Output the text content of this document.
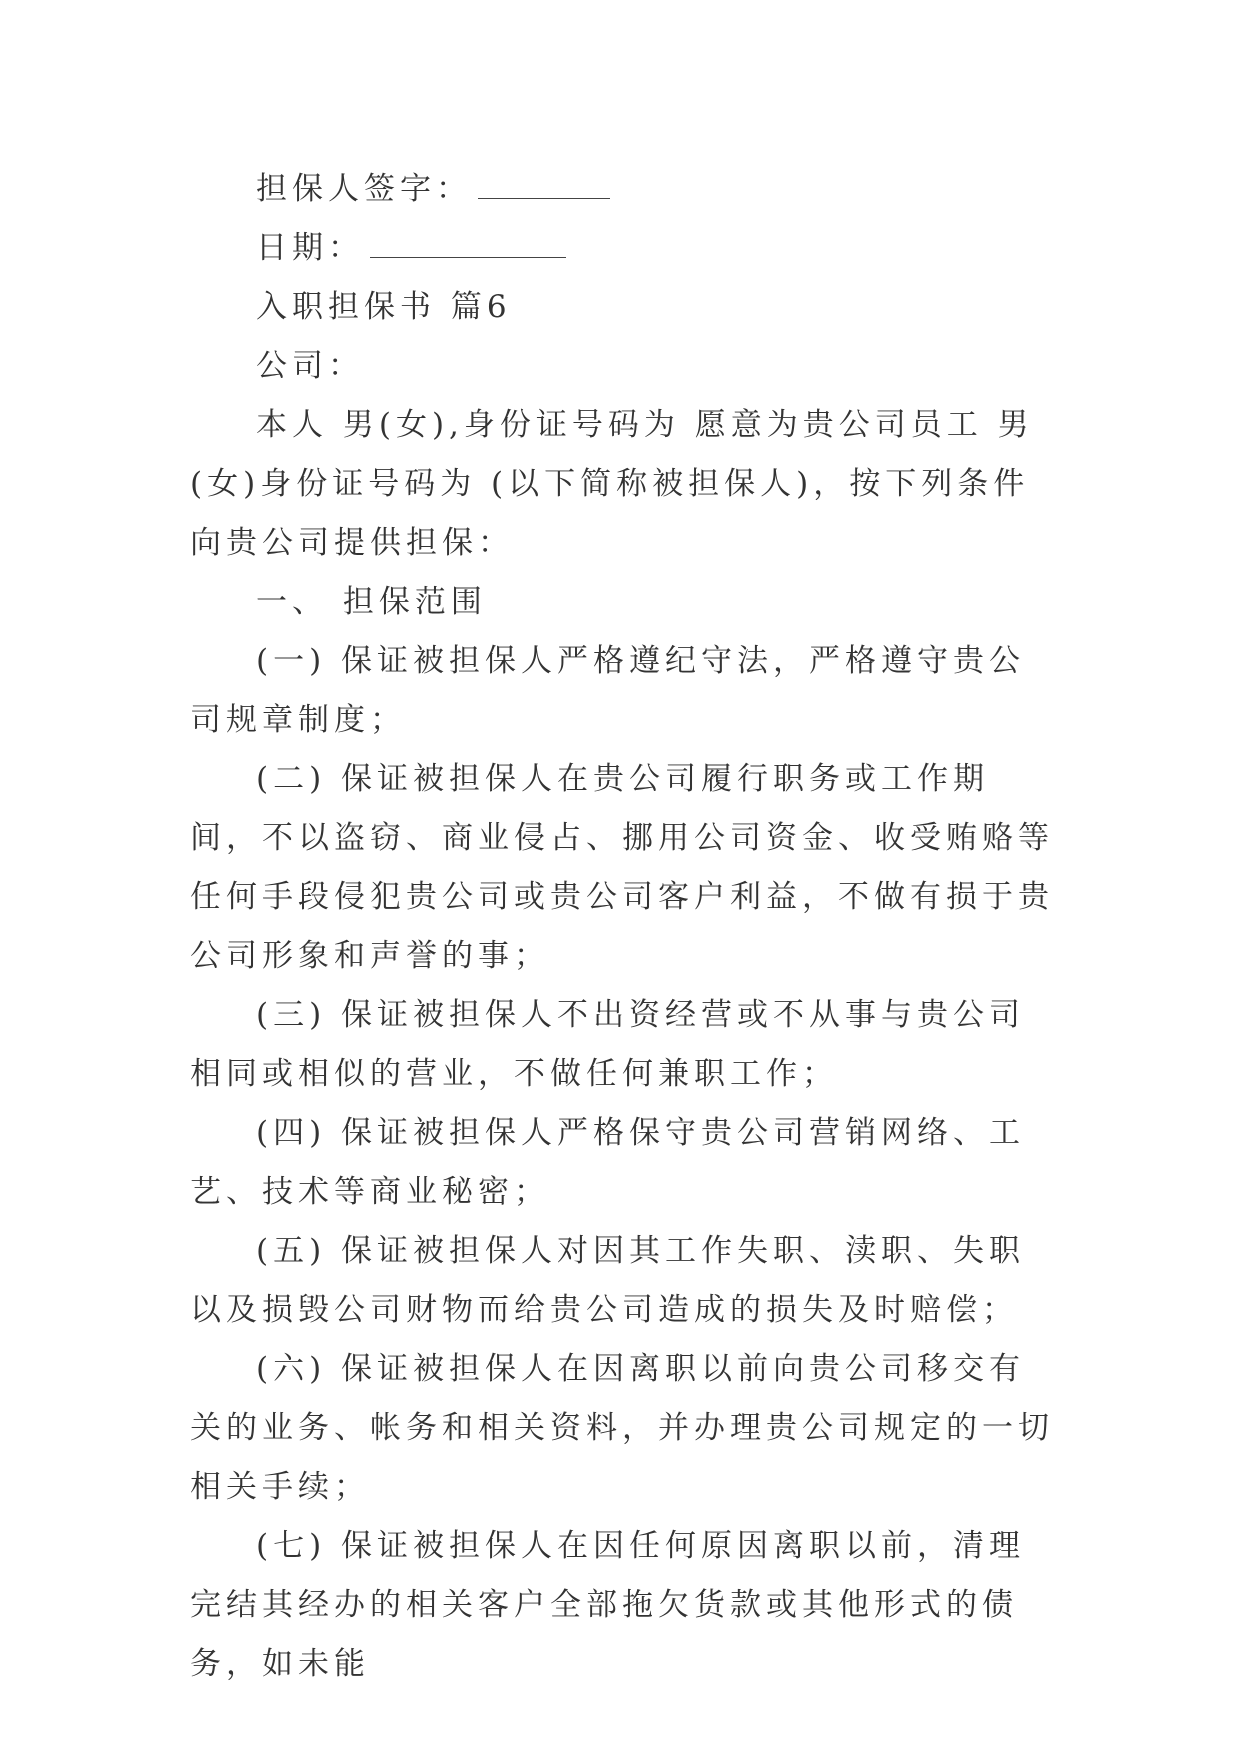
担保人签字：

日期：

入职担保书 篇6

公司：

本人 男(女),身份证号码为 愿意为贵公司员工 男(女)身份证号码为 (以下简称被担保人)，按下列条件向贵公司提供担保：

一、 担保范围

(一) 保证被担保人严格遵纪守法，严格遵守贵公司规章制度；

(二) 保证被担保人在贵公司履行职务或工作期间，不以盗窃、商业侵占、挪用公司资金、收受贿赂等任何手段侵犯贵公司或贵公司客户利益，不做有损于贵公司形象和声誉的事；

(三) 保证被担保人不出资经营或不从事与贵公司相同或相似的营业，不做任何兼职工作；

(四) 保证被担保人严格保守贵公司营销网络、工艺、技术等商业秘密；

(五) 保证被担保人对因其工作失职、渎职、失职以及损毁公司财物而给贵公司造成的损失及时赔偿；

(六) 保证被担保人在因离职以前向贵公司移交有关的业务、帐务和相关资料，并办理贵公司规定的一切相关手续；

(七) 保证被担保人在因任何原因离职以前，清理完结其经办的相关客户全部拖欠货款或其他形式的债务，如未能
